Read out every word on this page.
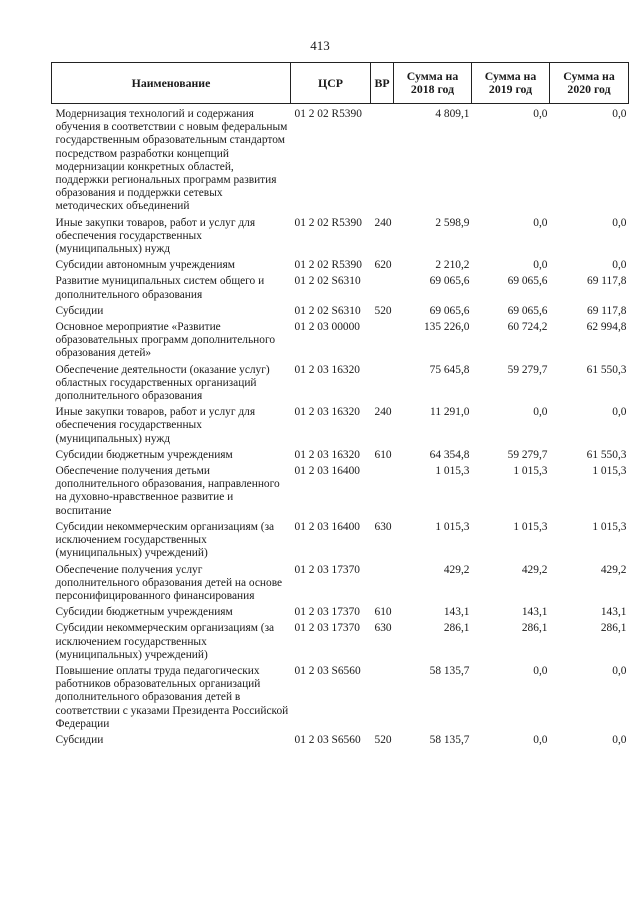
413
Наименование	ЦСР	ВР	Сумма на 2018 год	Сумма на 2019 год	Сумма на 2020 год
Модернизация технологий и содержания обучения в соответствии с новым федеральным государственным образовательным стандартом посредством разработки концепций модернизации конкретных областей, поддержки региональных программ развития образования и поддержки сетевых методических объединений	01 2 02 R5390		4 809,1	0,0	0,0
Иные закупки товаров, работ и услуг для обеспечения государственных (муниципальных) нужд	01 2 02 R5390	240	2 598,9	0,0	0,0
Субсидии автономным учреждениям	01 2 02 R5390	620	2 210,2	0,0	0,0
Развитие муниципальных систем общего и дополнительного образования	01 2 02 S6310		69 065,6	69 065,6	69 117,8
Субсидии	01 2 02 S6310	520	69 065,6	69 065,6	69 117,8
Основное мероприятие «Развитие образовательных программ дополнительного образования детей»	01 2 03 00000		135 226,0	60 724,2	62 994,8
Обеспечение деятельности (оказание услуг) областных государственных организаций дополнительного образования	01 2 03 16320		75 645,8	59 279,7	61 550,3
Иные закупки товаров, работ и услуг для обеспечения государственных (муниципальных) нужд	01 2 03 16320	240	11 291,0	0,0	0,0
Субсидии бюджетным учреждениям	01 2 03 16320	610	64 354,8	59 279,7	61 550,3
Обеспечение получения детьми дополнительного образования, направленного на духовно-нравственное развитие и воспитание	01 2 03 16400		1 015,3	1 015,3	1 015,3
Субсидии некоммерческим организациям (за исключением государственных (муниципальных) учреждений)	01 2 03 16400	630	1 015,3	1 015,3	1 015,3
Обеспечение получения услуг дополнительного образования детей на основе персонифицированного финансирования	01 2 03 17370		429,2	429,2	429,2
Субсидии бюджетным учреждениям	01 2 03 17370	610	143,1	143,1	143,1
Субсидии некоммерческим организациям (за исключением государственных (муниципальных) учреждений)	01 2 03 17370	630	286,1	286,1	286,1
Повышение оплаты труда педагогических работников образовательных организаций дополнительного образования детей в соответствии с указами Президента Российской Федерации	01 2 03 S6560		58 135,7	0,0	0,0
Субсидии	01 2 03 S6560	520	58 135,7	0,0	0,0
